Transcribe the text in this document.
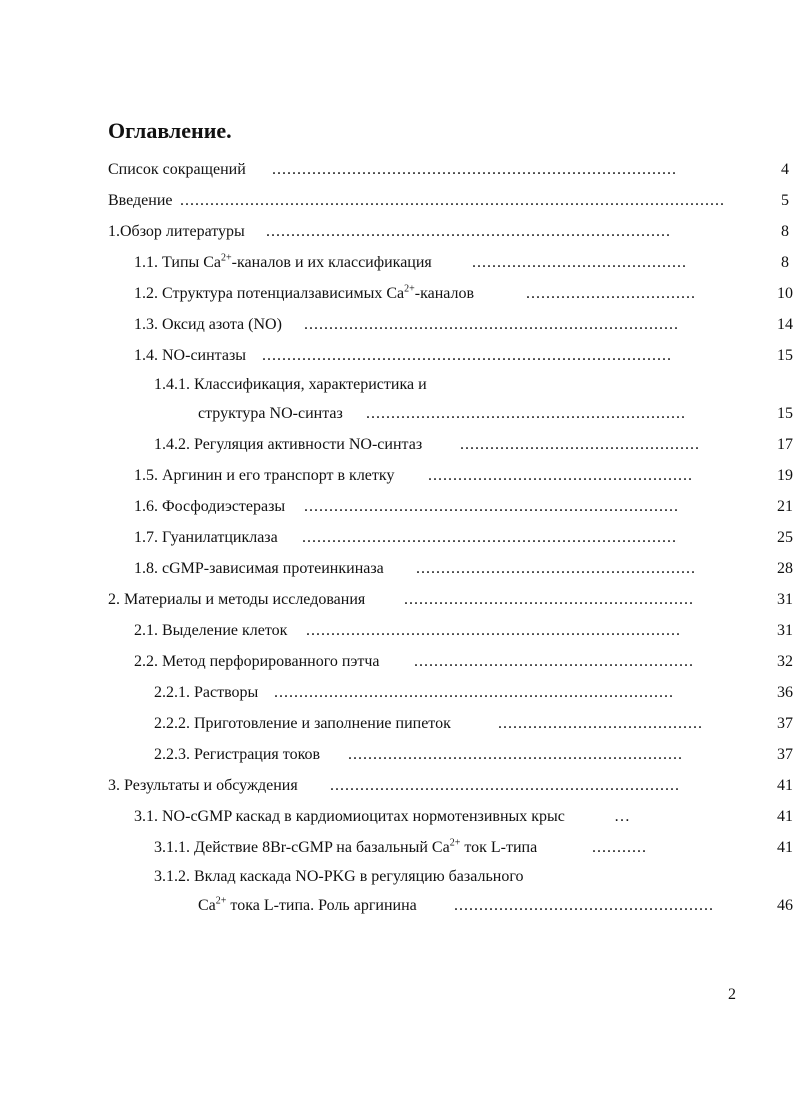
Оглавление.
Список сокращений .................................................................................	4
Введение .............................................................................................................	5
1.Обзор литературы .................................................................................	8
1.1. Типы $Са^{2+}$-каналов и их классификация	...........................................	8
1.2. Структура потенциалзависимых $Са^{2+}$-каналов	..................................	10
1.3. Оксид азота (NO) ...........................................................................	14
1.4. NO-синтазы ..................................................................................	15
1.4.1. Классификация, характеристика и
структура NO-синтаз ................................................................	15
1.4.2. Регуляция активности NO-синтаз ................................................	17
1.5. Аргинин и его транспорт в клетку .....................................................	19
1.6. Фосфодиэстеразы ...........................................................................	21
1.7. Гуанилатциклаза ...........................................................................	25
1.8. cGMP-зависимая протеинкиназа ........................................................	28
2. Материалы и методы исследования ..........................................................	31
2.1. Выделение клеток ...........................................................................	31
2.2. Метод перфорированного пэтча ........................................................	32
2.2.1. Растворы ................................................................................	36
2.2.2. Приготовление и заполнение пипеток	.........................................	37
2.2.3. Регистрация токов ...................................................................	37
3. Результаты и обсуждения ......................................................................	41
3.1. NO-cGMP каскад в кардиомиоцитах нормотензивных крыс	…	41
3.1.1. Действие 8Br-cGMP на базальный $Са^{2+}$ ток L-типа	...........	41
3.1.2. Вклад каскада NO-PKG в регуляцию базального
$Са^{2+}$ тока L-типа. Роль аргинина ....................................................	46
2
